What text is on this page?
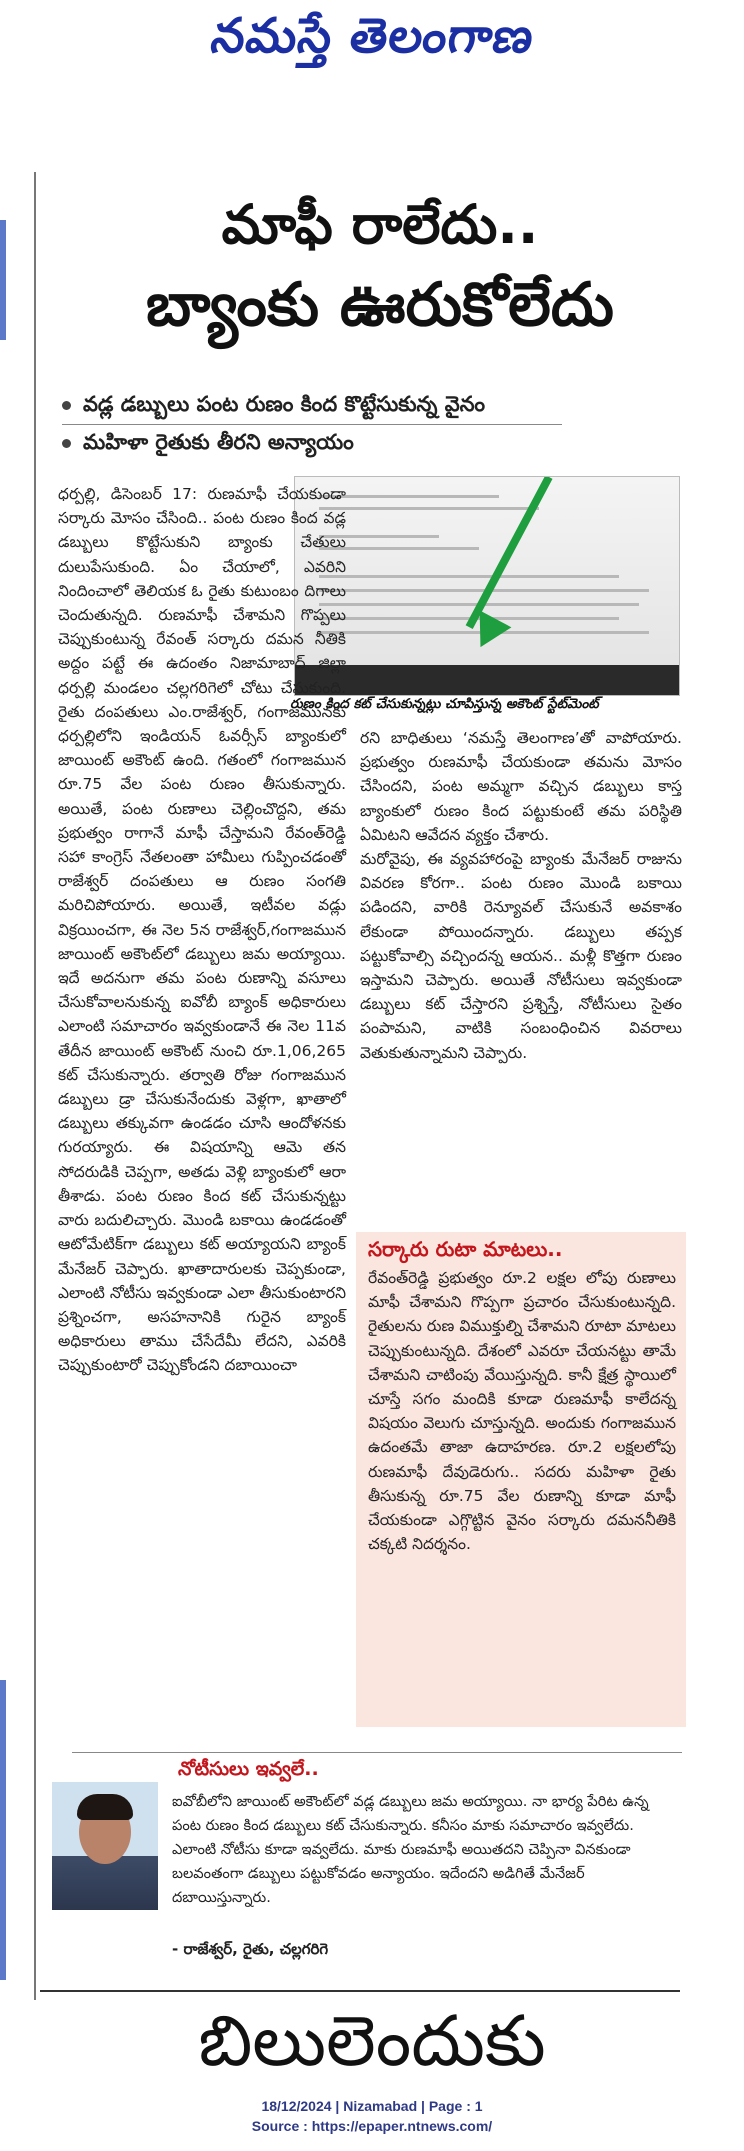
నమస్తే తెలంగాణ
మాఫీ రాలేదు..
బ్యాంకు ఊరుకోలేదు
వడ్ల డబ్బులు పంట రుణం కింద కొట్టేసుకున్న వైనం
మహిళా రైతుకు తీరని అన్యాయం
రుణం కింద కట్ చేసుకున్నట్లు చూపిస్తున్న అకౌంట్ స్టేట్‌మెంట్

ధర్పల్లి, డిసెంబర్ 17: రుణమాఫీ చేయకుండా సర్కారు మోసం చేసింది.. పంట రుణం కింద వడ్ల డబ్బులు కొట్టేసుకుని బ్యాంకు చేతులు దులుపేసుకుంది. ఏం చేయాలో, ఎవరిని నిందించాలో తెలియక ఓ రైతు కుటుంబం దిగాలు చెందుతున్నది. రుణమాఫీ చేశామని గొప్పలు చెప్పుకుంటున్న రేవంత్ సర్కారు దమన నీతికి అద్దం పట్టే ఈ ఉదంతం నిజామాబాద్ జిల్లా ధర్పల్లి మండలం చల్లగరిగెలో చోటు చేసుకుంది. రైతు దంపతులు ఎం.రాజేశ్వర్, గంగాజమునకు ధర్పల్లిలోని ఇండియన్ ఓవర్సీస్ బ్యాంకులో జాయింట్ అకౌంట్ ఉంది. గతంలో గంగాజమున రూ.75 వేల పంట రుణం తీసుకున్నారు. అయితే, పంట రుణాలు చెల్లించొద్దని, తమ ప్రభుత్వం రాగానే మాఫీ చేస్తామని రేవంత్‌రెడ్డి సహా కాంగ్రెస్ నేతలంతా హామీలు గుప్పించడంతో రాజేశ్వర్ దంపతులు ఆ రుణం సంగతి మరిచిపోయారు. అయితే, ఇటీవల వడ్లు విక్రయించగా, ఈ నెల 5న రాజేశ్వర్,గంగాజమున జాయింట్ అకౌంట్‌లో డబ్బులు జమ అయ్యాయి. ఇదే అదనుగా తమ పంట రుణాన్ని వసూలు చేసుకోవాలనుకున్న ఐవోబీ బ్యాంక్ అధికారులు ఎలాంటి సమాచారం ఇవ్వకుండానే ఈ నెల 11వ తేదీన జాయింట్ అకౌంట్ నుంచి రూ.1,06,265 కట్ చేసుకున్నారు. తర్వాతి రోజు గంగాజమున డబ్బులు డ్రా చేసుకునేందుకు వెళ్లగా, ఖాతాలో డబ్బులు తక్కువగా ఉండడం చూసి ఆందోళనకు గురయ్యారు. ఈ విషయాన్ని ఆమె తన సోదరుడికి చెప్పగా, అతడు వెళ్లి బ్యాంకులో ఆరా తీశాడు. పంట రుణం కింద కట్ చేసుకున్నట్టు వారు బదులిచ్చారు. మొండి బకాయి ఉండడంతో ఆటోమేటిక్‌గా డబ్బులు కట్ అయ్యాయని బ్యాంక్ మేనేజర్ చెప్పారు. ఖాతాదారులకు చెప్పకుండా, ఎలాంటి నోటీసు ఇవ్వకుండా ఎలా తీసుకుంటారని ప్రశ్నించగా, అసహనానికి గురైన బ్యాంక్ అధికారులు తాము చేసేదేమీ లేదని, ఎవరికి చెప్పుకుంటారో చెప్పుకోండని దబాయించా

రని బాధితులు ‘నమస్తే తెలంగాణ’తో వాపోయారు. ప్రభుత్వం రుణమాఫీ చేయకుండా తమను మోసం చేసిందని, పంట అమ్మగా వచ్చిన డబ్బులు కాస్త బ్యాంకులో రుణం కింద పట్టుకుంటే తమ పరిస్థితి ఏమిటని ఆవేదన వ్యక్తం చేశారు.

మరోవైపు, ఈ వ్యవహారంపై బ్యాంకు మేనేజర్ రాజును వివరణ కోరగా.. పంట రుణం మొండి బకాయి పడిందని, వారికి రెన్యూవల్ చేసుకునే అవకాశం లేకుండా పోయిందన్నారు. డబ్బులు తప్పక పట్టుకోవాల్సి వచ్చిందన్న ఆయన.. మళ్లీ కొత్తగా రుణం ఇస్తామని చెప్పారు. అయితే నోటీసులు ఇవ్వకుండా డబ్బులు కట్ చేస్తారని ప్రశ్నిస్తే, నోటీసులు సైతం పంపామని, వాటికి సంబంధించిన వివరాలు వెతుకుతున్నామని చెప్పారు.

సర్కారు రుటా మాటలు..

రేవంత్‌రెడ్డి ప్రభుత్వం రూ.2 లక్షల లోపు రుణాలు మాఫీ చేశామని గొప్పగా ప్రచారం చేసుకుంటున్నది. రైతులను రుణ విముక్తుల్ని చేశామని రూటా మాటలు చెప్పుకుంటున్నది. దేశంలో ఎవరూ చేయనట్టు తామే చేశామని చాటింపు వేయిస్తున్నది. కానీ క్షేత్ర స్థాయిలో చూస్తే సగం మందికి కూడా రుణమాఫీ కాలేదన్న విషయం వెలుగు చూస్తున్నది. అందుకు గంగాజమున ఉదంతమే తాజా ఉదాహరణ. రూ.2 లక్షలలోపు రుణమాఫీ దేవుడెరుగు.. సదరు మహిళా రైతు తీసుకున్న రూ.75 వేల రుణాన్ని కూడా మాఫీ చేయకుండా ఎగ్గొట్టిన వైనం సర్కారు దమననీతికి చక్కటి నిదర్శనం.

నోటీసులు ఇవ్వలే..

ఐవోబీలోని జాయింట్ అకౌంట్‌లో వడ్ల డబ్బులు జమ అయ్యాయి. నా భార్య పేరిట ఉన్న పంట రుణం కింద డబ్బులు కట్ చేసుకున్నారు. కనీసం మాకు సమాచారం ఇవ్వలేదు. ఎలాంటి నోటీసు కూడా ఇవ్వలేదు. మాకు రుణమాఫీ అయితదని చెప్పినా వినకుండా బలవంతంగా డబ్బులు పట్టుకోవడం అన్యాయం. ఇదేందని అడిగితే మేనేజర్ దబాయిస్తున్నారు.

- రాజేశ్వర్, రైతు, చల్లగరిగె
బిలులెందుకు
18/12/2024 | Nizamabad | Page : 1
Source : https://epaper.ntnews.com/
